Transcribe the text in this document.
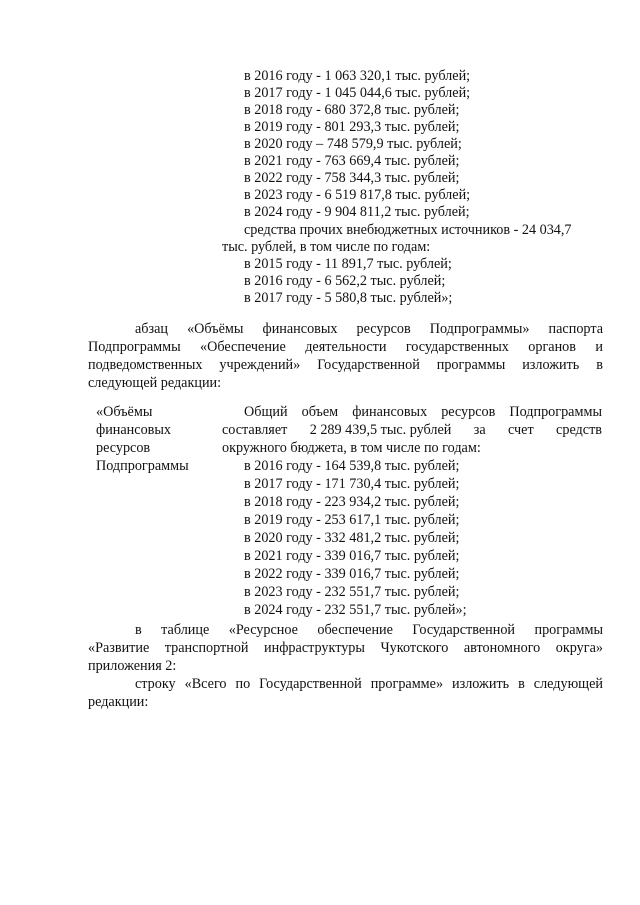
в 2016 году - 1 063 320,1 тыс. рублей;
в 2017 году - 1 045 044,6 тыс. рублей;
в 2018 году - 680 372,8 тыс. рублей;
в 2019 году - 801 293,3 тыс. рублей;
в 2020 году – 748 579,9 тыс. рублей;
в 2021 году - 763 669,4 тыс. рублей;
в 2022 году - 758 344,3 тыс. рублей;
в 2023 году - 6 519 817,8 тыс. рублей;
в 2024 году - 9 904 811,2 тыс. рублей;
средства прочих внебюджетных источников - 24 034,7
тыс. рублей, в том числе по годам:
в 2015 году - 11 891,7 тыс. рублей;
в 2016 году - 6 562,2 тыс. рублей;
в 2017 году - 5 580,8 тыс. рублей»;
абзац «Объёмы финансовых ресурсов Подпрограммы» паспорта
Подпрограммы «Обеспечение деятельности государственных органов и
подведомственных учреждений» Государственной программы изложить в
следующей редакции:
«Объёмы
финансовых
ресурсов
Подпрограммы
Общий объем финансовых ресурсов Подпрограммы
составляет 2 289 439,5 тыс. рублей за счет средств
окружного бюджета, в том числе по годам:
в 2016 году - 164 539,8 тыс. рублей;
в 2017 году - 171 730,4 тыс. рублей;
в 2018 году - 223 934,2 тыс. рублей;
в 2019 году - 253 617,1 тыс. рублей;
в 2020 году - 332 481,2 тыс. рублей;
в 2021 году - 339 016,7 тыс. рублей;
в 2022 году - 339 016,7 тыс. рублей;
в 2023 году - 232 551,7 тыс. рублей;
в 2024 году - 232 551,7 тыс. рублей»;
в таблице «Ресурсное обеспечение Государственной программы
«Развитие транспортной инфраструктуры Чукотского автономного округа»
приложения 2:
строку «Всего по Государственной программе» изложить в следующей
редакции:
